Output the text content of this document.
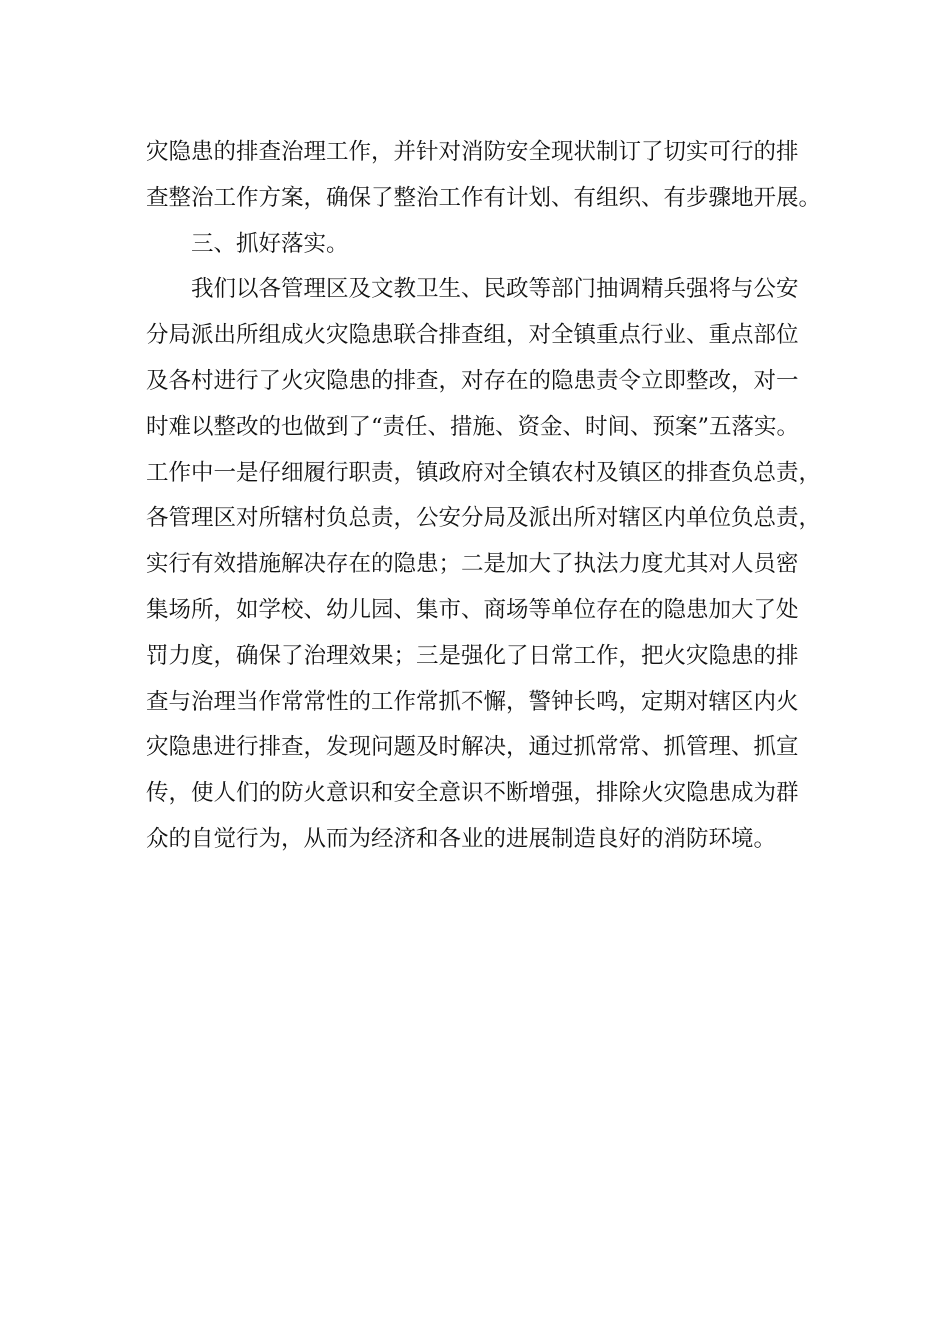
灾隐患的排查治理工作，并针对消防安全现状制订了切实可行的排
查整治工作方案，确保了整治工作有计划、有组织、有步骤地开展。
三、抓好落实。
我们以各管理区及文教卫生、民政等部门抽调精兵强将与公安
分局派出所组成火灾隐患联合排查组，对全镇重点行业、重点部位
及各村进行了火灾隐患的排查，对存在的隐患责令立即整改，对一
时难以整改的也做到了“责任、措施、资金、时间、预案”五落实。
工作中一是仔细履行职责，镇政府对全镇农村及镇区的排查负总责，
各管理区对所辖村负总责，公安分局及派出所对辖区内单位负总责，
实行有效措施解决存在的隐患；二是加大了执法力度尤其对人员密
集场所，如学校、幼儿园、集市、商场等单位存在的隐患加大了处
罚力度，确保了治理效果；三是强化了日常工作，把火灾隐患的排
查与治理当作常常性的工作常抓不懈，警钟长鸣，定期对辖区内火
灾隐患进行排查，发现问题及时解决，通过抓常常、抓管理、抓宣
传，使人们的防火意识和安全意识不断增强，排除火灾隐患成为群
众的自觉行为，从而为经济和各业的进展制造良好的消防环境。
